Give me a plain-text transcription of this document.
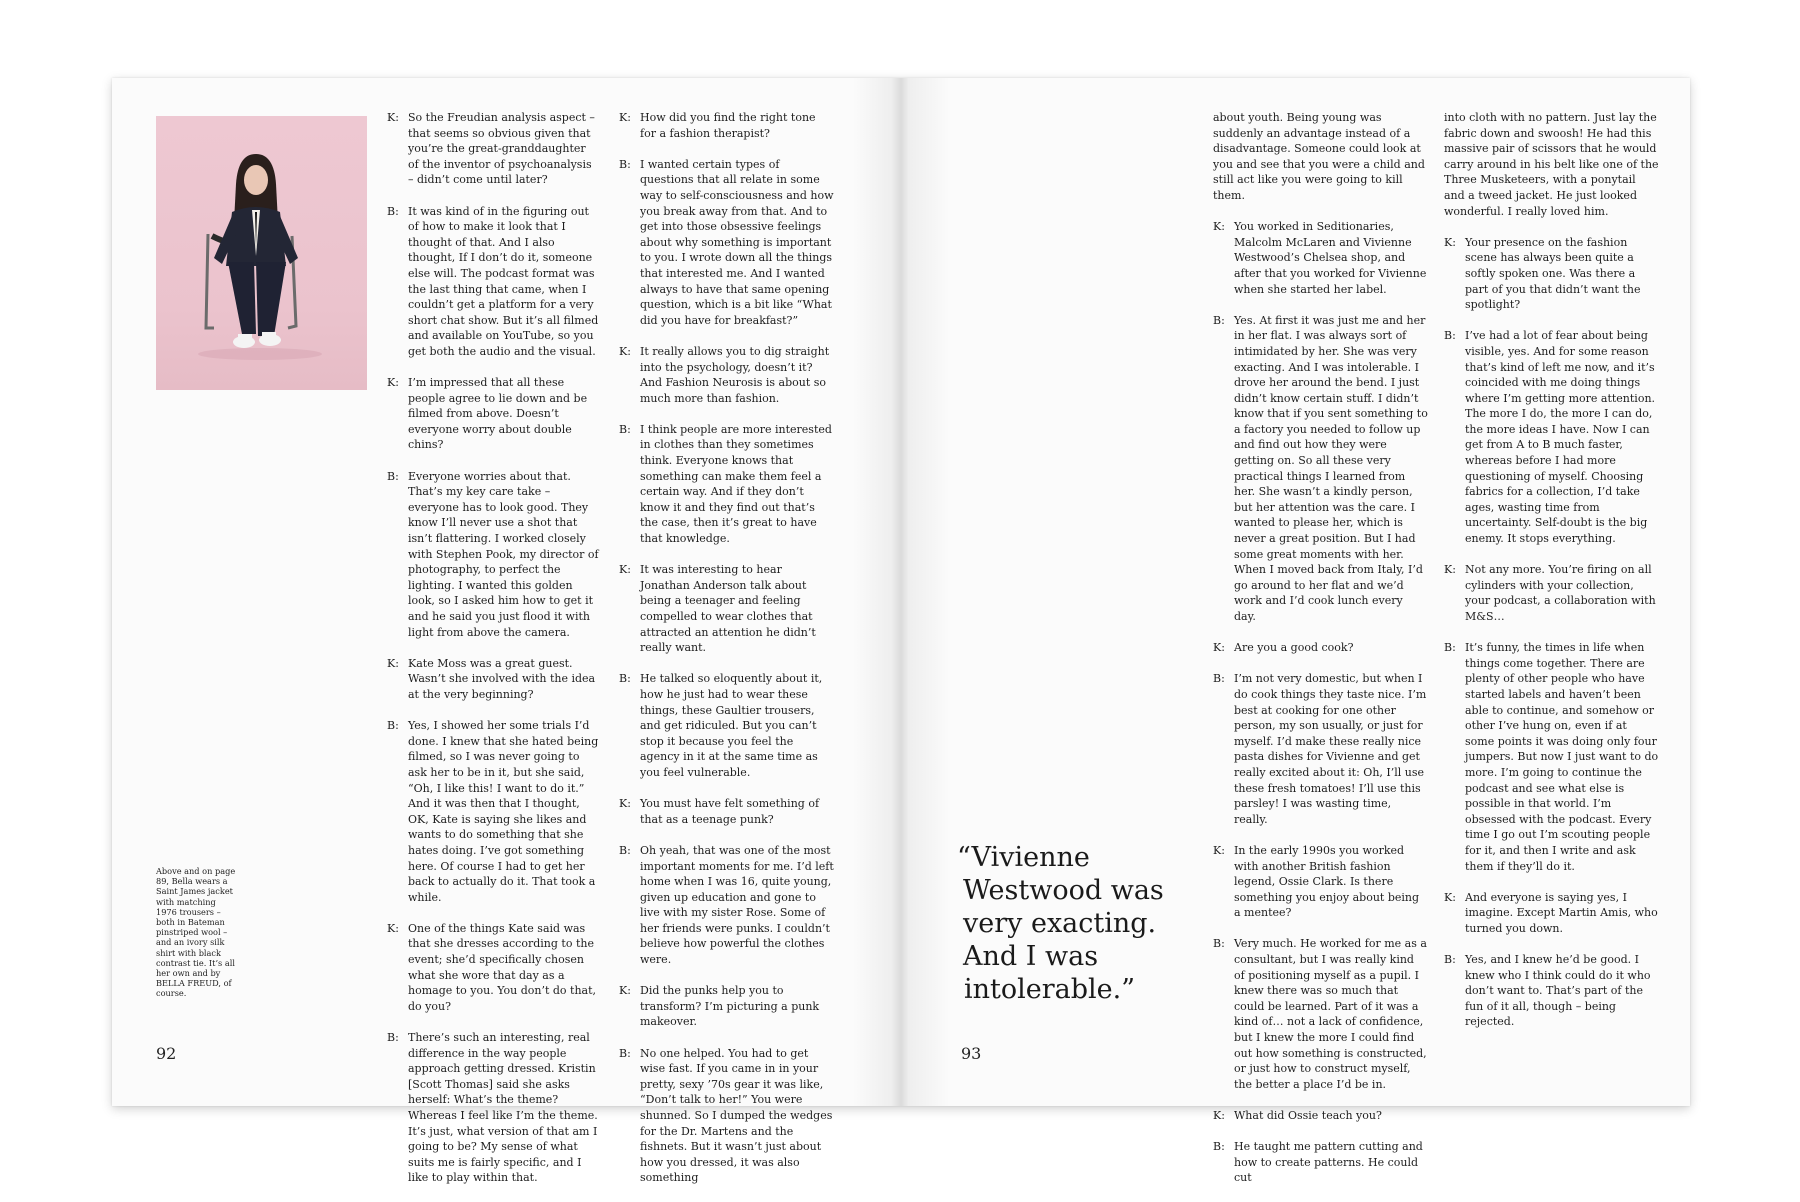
Above and on page 89, Bella wears a Saint James jacket with matching 1976 trousers – both in Bateman pinstriped wool – and an ivory silk shirt with black contrast tie. It’s all her own and by BELLA FREUD, of course.
K: So the Freudian analysis aspect – that seems so obvious given that you’re the great-granddaughter of the inventor of psychoanalysis – didn’t come until later?
B: It was kind of in the figuring out of how to make it look that I thought of that. And I also thought, If I don’t do it, someone else will. The podcast format was the last thing that came, when I couldn’t get a platform for a very short chat show. But it’s all filmed and available on YouTube, so you get both the audio and the visual.
K: I’m impressed that all these people agree to lie down and be filmed from above. Doesn’t everyone worry about double chins?
B: Everyone worries about that. That’s my key care take – everyone has to look good. They know I’ll never use a shot that isn’t flattering. I worked closely with Stephen Pook, my director of photography, to perfect the lighting. I wanted this golden look, so I asked him how to get it and he said you just flood it with light from above the camera.
K: Kate Moss was a great guest. Wasn’t she involved with the idea at the very beginning?
B: Yes, I showed her some trials I’d done. I knew that she hated being filmed, so I was never going to ask her to be in it, but she said, “Oh, I like this! I want to do it.” And it was then that I thought, OK, Kate is saying she likes and wants to do something that she hates doing. I’ve got something here. Of course I had to get her back to actually do it. That took a while.
K: One of the things Kate said was that she dresses according to the event; she’d specifically chosen what she wore that day as a homage to you. You don’t do that, do you?
B: There’s such an interesting, real difference in the way people approach getting dressed. Kristin [Scott Thomas] said she asks herself: What’s the theme? Whereas I feel like I’m the theme. It’s just, what version of that am I going to be? My sense of what suits me is fairly specific, and I like to play within that.
K: How did you find the right tone for a fashion therapist?
B: I wanted certain types of questions that all relate in some way to self-consciousness and how you break away from that. And to get into those obsessive feelings about why something is important to you. I wrote down all the things that interested me. And I wanted always to have that same opening question, which is a bit like “What did you have for breakfast?”
K: It really allows you to dig straight into the psychology, doesn’t it? And Fashion Neurosis is about so much more than fashion.
B: I think people are more interested in clothes than they sometimes think. Everyone knows that something can make them feel a certain way. And if they don’t know it and they find out that’s the case, then it’s great to have that knowledge.
K: It was interesting to hear Jonathan Anderson talk about being a teenager and feeling compelled to wear clothes that attracted an attention he didn’t really want.
B: He talked so eloquently about it, how he just had to wear these things, these Gaultier trousers, and get ridiculed. But you can’t stop it because you feel the agency in it at the same time as you feel vulnerable.
K: You must have felt something of that as a teenage punk?
B: Oh yeah, that was one of the most important moments for me. I’d left home when I was 16, quite young, given up education and gone to live with my sister Rose. Some of her friends were punks. I couldn’t believe how powerful the clothes were.
K: Did the punks help you to transform? I’m picturing a punk makeover.
B: No one helped. You had to get wise fast. If you came in in your pretty, sexy ’70s gear it was like, “Don’t talk to her!” You were shunned. So I dumped the wedges for the Dr. Martens and the fishnets. But it wasn’t just about how you dressed, it was also something
92
“Vivienne
Westwood was
very exacting.
And I was
intolerable.”
about youth. Being young was suddenly an advantage instead of a disadvantage. Someone could look at you and see that you were a child and still act like you were going to kill them.
K: You worked in Seditionaries, Malcolm McLaren and Vivienne Westwood’s Chelsea shop, and after that you worked for Vivienne when she started her label.
B: Yes. At first it was just me and her in her flat. I was always sort of intimidated by her. She was very exacting. And I was intolerable. I drove her around the bend. I just didn’t know certain stuff. I didn’t know that if you sent something to a factory you needed to follow up and find out how they were getting on. So all these very practical things I learned from her. She wasn’t a kindly person, but her attention was the care. I wanted to please her, which is never a great position. But I had some great moments with her. When I moved back from Italy, I’d go around to her flat and we’d work and I’d cook lunch every day.
K: Are you a good cook?
B: I’m not very domestic, but when I do cook things they taste nice. I’m best at cooking for one other person, my son usually, or just for myself. I’d make these really nice pasta dishes for Vivienne and get really excited about it: Oh, I’ll use these fresh tomatoes! I’ll use this parsley! I was wasting time, really.
K: In the early 1990s you worked with another British fashion legend, Ossie Clark. Is there something you enjoy about being a mentee?
B: Very much. He worked for me as a consultant, but I was really kind of positioning myself as a pupil. I knew there was so much that could be learned. Part of it was a kind of… not a lack of confidence, but I knew the more I could find out how something is constructed, or just how to construct myself, the better a place I’d be in.
K: What did Ossie teach you?
B: He taught me pattern cutting and how to create patterns. He could cut
into cloth with no pattern. Just lay the fabric down and swoosh! He had this massive pair of scissors that he would carry around in his belt like one of the Three Musketeers, with a ponytail and a tweed jacket. He just looked wonderful. I really loved him.
K: Your presence on the fashion scene has always been quite a softly spoken one. Was there a part of you that didn’t want the spotlight?
B: I’ve had a lot of fear about being visible, yes. And for some reason that’s kind of left me now, and it’s coincided with me doing things where I’m getting more attention. The more I do, the more I can do, the more ideas I have. Now I can get from A to B much faster, whereas before I had more questioning of myself. Choosing fabrics for a collection, I’d take ages, wasting time from uncertainty. Self-doubt is the big enemy. It stops everything.
K: Not any more. You’re firing on all cylinders with your collection, your podcast, a collaboration with M&S…
B: It’s funny, the times in life when things come together. There are plenty of other people who have started labels and haven’t been able to continue, and somehow or other I’ve hung on, even if at some points it was doing only four jumpers. But now I just want to do more. I’m going to continue the podcast and see what else is possible in that world. I’m obsessed with the podcast. Every time I go out I’m scouting people for it, and then I write and ask them if they’ll do it.
K: And everyone is saying yes, I imagine. Except Martin Amis, who turned you down.
B: Yes, and I knew he’d be good. I knew who I think could do it who don’t want to. That’s part of the fun of it all, though – being rejected.
93
